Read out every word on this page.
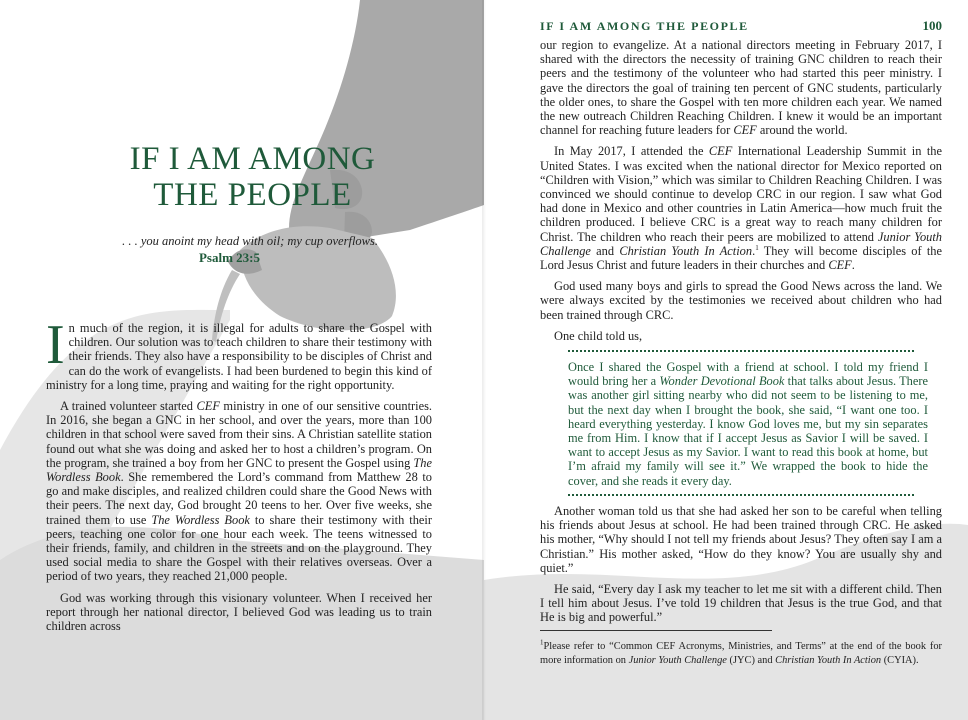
IF I AM AMONG
THE PEOPLE
. . . you anoint my head with oil; my cup overflows.
Psalm 23:5

In much of the region, it is illegal for adults to share the Gospel with children. Our solution was to teach children to share their testimony with their friends. They also have a responsibility to be disciples of Christ and can do the work of evangelists. I had been burdened to begin this kind of ministry for a long time, praying and waiting for the right opportunity.

A trained volunteer started CEF ministry in one of our sensitive countries. In 2016, she began a GNC in her school, and over the years, more than 100 children in that school were saved from their sins. A Christian satellite station found out what she was doing and asked her to host a children’s program. On the program, she trained a boy from her GNC to present the Gospel using The Wordless Book. She remembered the Lord’s command from Matthew 28 to go and make disciples, and realized children could share the Good News with their peers. The next day, God brought 20 teens to her. Over five weeks, she trained them to use The Wordless Book to share their testimony with their peers, teaching one color for one hour each week. The teens witnessed to their friends, family, and children in the streets and on the playground. They used social media to share the Gospel with their relatives overseas. Over a period of two years, they reached 21,000 people.

God was working through this visionary volunteer. When I received her report through her national director, I believed God was leading us to train children across

IF I AM AMONG THE PEOPLE	100

our region to evangelize. At a national directors meeting in February 2017, I shared with the directors the necessity of training GNC children to reach their peers and the testimony of the volunteer who had started this peer ministry. I gave the directors the goal of training ten percent of GNC students, particularly the older ones, to share the Gospel with ten more children each year. We named the new outreach Children Reaching Children. I knew it would be an important channel for reaching future leaders for CEF around the world.

In May 2017, I attended the CEF International Leadership Summit in the United States. I was excited when the national director for Mexico reported on “Children with Vision,” which was similar to Children Reaching Children. I was convinced we should continue to develop CRC in our region. I saw what God had done in Mexico and other countries in Latin America—how much fruit the children produced. I believe CRC is a great way to reach many children for Christ. The children who reach their peers are mobilized to attend Junior Youth Challenge and Christian Youth In Action.$^1$ They will become disciples of the Lord Jesus Christ and future leaders in their churches and CEF.

God used many boys and girls to spread the Good News across the land. We were always excited by the testimonies we received about children who had been trained through CRC.

One child told us,

Once I shared the Gospel with a friend at school. I told my friend I would bring her a Wonder Devotional Book that talks about Jesus. There was another girl sitting nearby who did not seem to be listening to me, but the next day when I brought the book, she said, “I want one too. I heard everything yesterday. I know God loves me, but my sin separates me from Him. I know that if I accept Jesus as Savior I will be saved. I want to accept Jesus as my Savior. I want to read this book at home, but I’m afraid my family will see it.” We wrapped the book to hide the cover, and she reads it every day.

Another woman told us that she had asked her son to be careful when telling his friends about Jesus at school. He had been trained through CRC. He asked his mother, “Why should I not tell my friends about Jesus? They often say I am a Christian.” His mother asked, “How do they know? You are usually shy and quiet.”

He said, “Every day I ask my teacher to let me sit with a different child. Then I tell him about Jesus. I’ve told 19 children that Jesus is the true God, and that He is big and powerful.”

$^1$Please refer to “Common CEF Acronyms, Ministries, and Terms” at the end of the book for more information on Junior Youth Challenge (JYC) and Christian Youth In Action (CYIA).
